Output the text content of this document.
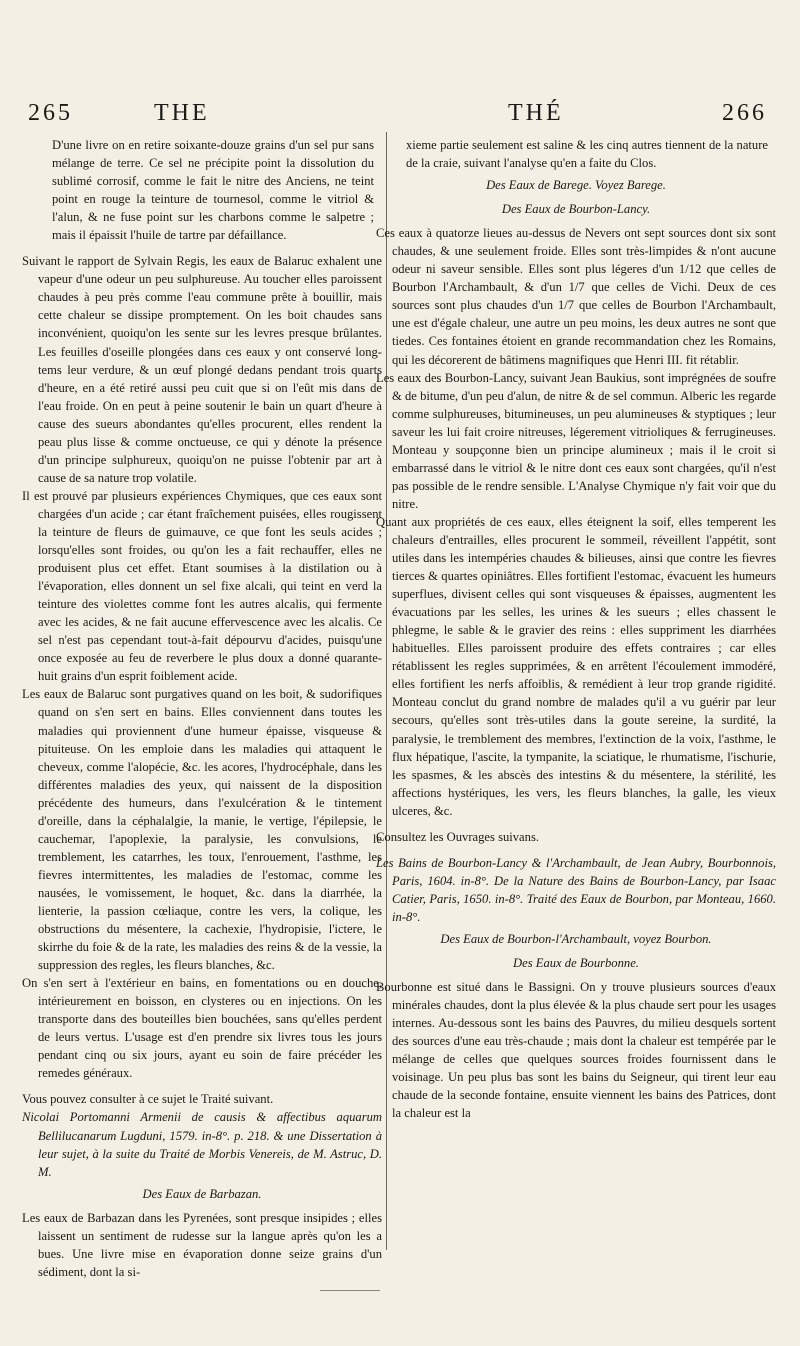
265	THE	THÉ	266

D'une livre on en retire soixante-douze grains d'un sel pur sans mélange de terre. Ce sel ne précipite point la dissolution du sublimé corrosif, comme le fait le nitre des Anciens, ne teint point en rouge la teinture de tournesol, comme le vitriol & l'alun, & ne fuse point sur les charbons comme le salpetre ; mais il épaissit l'huile de tartre par défaillance.

Suivant le rapport de Sylvain Regis, les eaux de Balaruc exhalent une vapeur d'une odeur un peu sulphureuse. Au toucher elles paroissent chaudes à peu près comme l'eau commune prête à bouillir, mais cette chaleur se dissipe promptement. On les boit chaudes sans inconvénient, quoiqu'on les sente sur les levres presque brûlantes. Les feuilles d'oseille plongées dans ces eaux y ont conservé long-tems leur verdure, & un œuf plongé dedans pendant trois quarts d'heure, en a été retiré aussi peu cuit que si on l'eût mis dans de l'eau froide. On en peut à peine soutenir le bain un quart d'heure à cause des sueurs abondantes qu'elles procurent, elles rendent la peau plus lisse & comme onctueuse, ce qui y dénote la présence d'un principe sulphureux, quoiqu'on ne puisse l'obtenir par art à cause de sa nature trop volatile.

Il est prouvé par plusieurs expériences Chymiques, que ces eaux sont chargées d'un acide ; car étant fraîchement puisées, elles rougissent la teinture de fleurs de guimauve, ce que font les seuls acides ; lorsqu'elles sont froides, ou qu'on les a fait rechauffer, elles ne produisent plus cet effet. Etant soumises à la distilation ou à l'évaporation, elles donnent un sel fixe alcali, qui teint en verd la teinture des violettes comme font les autres alcalis, qui fermente avec les acides, & ne fait aucune effervescence avec les alcalis. Ce sel n'est pas cependant tout-à-fait dépourvu d'acides, puisqu'une once exposée au feu de reverbere le plus doux a donné quarante-huit grains d'un esprit foiblement acide.

Les eaux de Balaruc sont purgatives quand on les boit, & sudorifiques quand on s'en sert en bains. Elles conviennent dans toutes les maladies qui proviennent d'une humeur épaisse, visqueuse & pituiteuse. On les emploie dans les maladies qui attaquent le cheveux, comme l'alopécie, &c. les acores, l'hydrocéphale, dans les différentes maladies des yeux, qui naissent de la disposition précédente des humeurs, dans l'exulcération & le tintement d'oreille, dans la céphalalgie, la manie, le vertige, l'épilepsie, le cauchemar, l'apoplexie, la paralysie, les convulsions, le tremblement, les catarrhes, les toux, l'enrouement, l'asthme, les fievres intermittentes, les maladies de l'estomac, comme les nausées, le vomissement, le hoquet, &c. dans la diarrhée, la lienterie, la passion cœliaque, contre les vers, la colique, les obstructions du mésentere, la cachexie, l'hydropisie, l'ictere, le skirrhe du foie & de la rate, les maladies des reins & de la vessie, la suppression des regles, les fleurs blanches, &c.

On s'en sert à l'extérieur en bains, en fomentations ou en douche, intérieurement en boisson, en clysteres ou en injections. On les transporte dans des bouteilles bien bouchées, sans qu'elles perdent de leurs vertus. L'usage est d'en prendre six livres tous les jours pendant cinq ou six jours, ayant eu soin de faire précéder les remedes généraux.

Vous pouvez consulter à ce sujet le Traité suivant.

Nicolai Portomanni Armenii de causis & affectibus aquarum Bellilucanarum Lugduni, 1579. in-8°. p. 218. & une Dissertation à leur sujet, à la suite du Traité de Morbis Venereis, de M. Astruc, D. M.

Des Eaux de Barbazan.

Les eaux de Barbazan dans les Pyrenées, sont presque insipides ; elles laissent un sentiment de rudesse sur la langue après qu'on les a bues. Une livre mise en évaporation donne seize grains d'un sédiment, dont la si-

xieme partie seulement est saline & les cinq autres tiennent de la nature de la craie, suivant l'analyse qu'en a faite du Clos.

Des Eaux de Barege. Voyez Barege.

Des Eaux de Bourbon-Lancy.

Ces eaux à quatorze lieues au-dessus de Nevers ont sept sources dont six sont chaudes, & une seulement froide. Elles sont très-limpides & n'ont aucune odeur ni saveur sensible. Elles sont plus légeres d'un 1/12 que celles de Bourbon l'Archambault, & d'un 1/7 que celles de Vichi. Deux de ces sources sont plus chaudes d'un 1/7 que celles de Bourbon l'Archambault, une est d'égale chaleur, une autre un peu moins, les deux autres ne sont que tiedes. Ces fontaines étoient en grande recommandation chez les Romains, qui les décorerent de bâtimens magnifiques que Henri III. fit rétablir.

Les eaux des Bourbon-Lancy, suivant Jean Baukius, sont imprégnées de soufre & de bitume, d'un peu d'alun, de nitre & de sel commun. Alberic les regarde comme sulphureuses, bitumineuses, un peu alumineuses & styptiques ; leur saveur les lui fait croire nitreuses, légerement vitrioliques & ferrugineuses. Monteau y soupçonne bien un principe alumineux ; mais il le croit si embarrassé dans le vitriol & le nitre dont ces eaux sont chargées, qu'il n'est pas possible de le rendre sensible. L'Analyse Chymique n'y fait voir que du nitre.

Quant aux propriétés de ces eaux, elles éteignent la soif, elles temperent les chaleurs d'entrailles, elles procurent le sommeil, réveillent l'appétit, sont utiles dans les intempéries chaudes & bilieuses, ainsi que contre les fievres tierces & quartes opiniâtres. Elles fortifient l'estomac, évacuent les humeurs superflues, divisent celles qui sont visqueuses & épaisses, augmentent les évacuations par les selles, les urines & les sueurs ; elles chassent le phlegme, le sable & le gravier des reins : elles suppriment les diarrhées habituelles. Elles paroissent produire des effets contraires ; car elles rétablissent les regles supprimées, & en arrêtent l'écoulement immodéré, elles fortifient les nerfs affoiblis, & remédient à leur trop grande rigidité. Monteau conclut du grand nombre de malades qu'il a vu guérir par leur secours, qu'elles sont très-utiles dans la goute sereine, la surdité, la paralysie, le tremblement des membres, l'extinction de la voix, l'asthme, le flux hépatique, l'ascite, la tympanite, la sciatique, le rhumatisme, l'ischurie, les spasmes, & les abscès des intestins & du mésentere, la stérilité, les affections hystériques, les vers, les fleurs blanches, la galle, les vieux ulceres, &c.

Consultez les Ouvrages suivans.

Les Bains de Bourbon-Lancy & l'Archambault, de Jean Aubry, Bourbonnois, Paris, 1604. in-8°. De la Nature des Bains de Bourbon-Lancy, par Isaac Catier, Paris, 1650. in-8°. Traité des Eaux de Bourbon, par Monteau, 1660. in-8°.

Des Eaux de Bourbon-l'Archambault, voyez Bourbon.

Des Eaux de Bourbonne.

Bourbonne est situé dans le Bassigni. On y trouve plusieurs sources d'eaux minérales chaudes, dont la plus élevée & la plus chaude sert pour les usages internes. Au-dessous sont les bains des Pauvres, du milieu desquels sortent des sources d'une eau très-chaude ; mais dont la chaleur est tempérée par le mélange de celles que quelques sources froides fournissent dans le voisinage. Un peu plus bas sont les bains du Seigneur, qui tirent leur eau chaude de la seconde fontaine, ensuite viennent les bains des Patrices, dont la chaleur est la
